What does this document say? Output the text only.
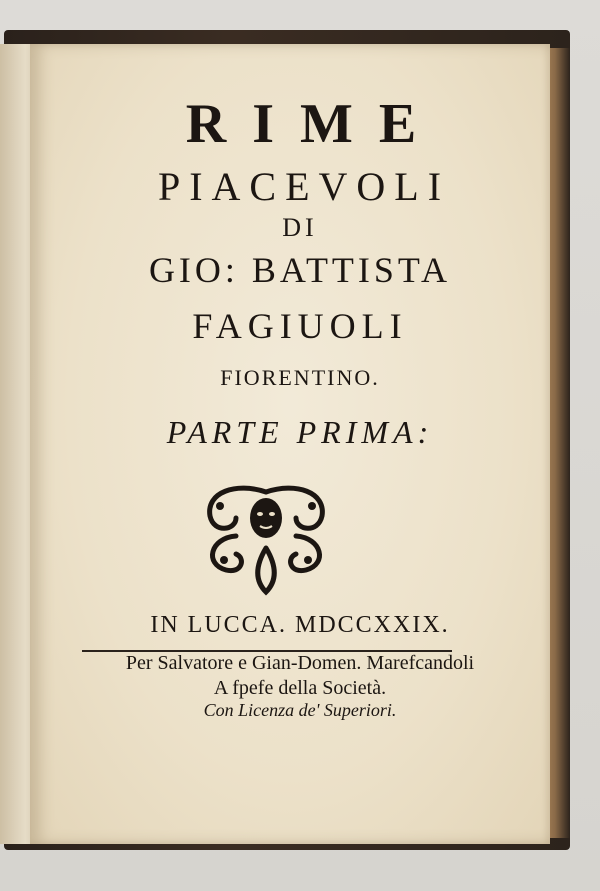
RIME
PIACEVOLI
DI
GIO: BATTISTA
FAGIUOLI
FIORENTINO.
PARTE PRIMA:
IN LUCCA. MDCCXXIX.
Per Salvatore e Gian-Domen. Marefcandoli
A fpefe della Società.
Con Licenza de' Superiori.
